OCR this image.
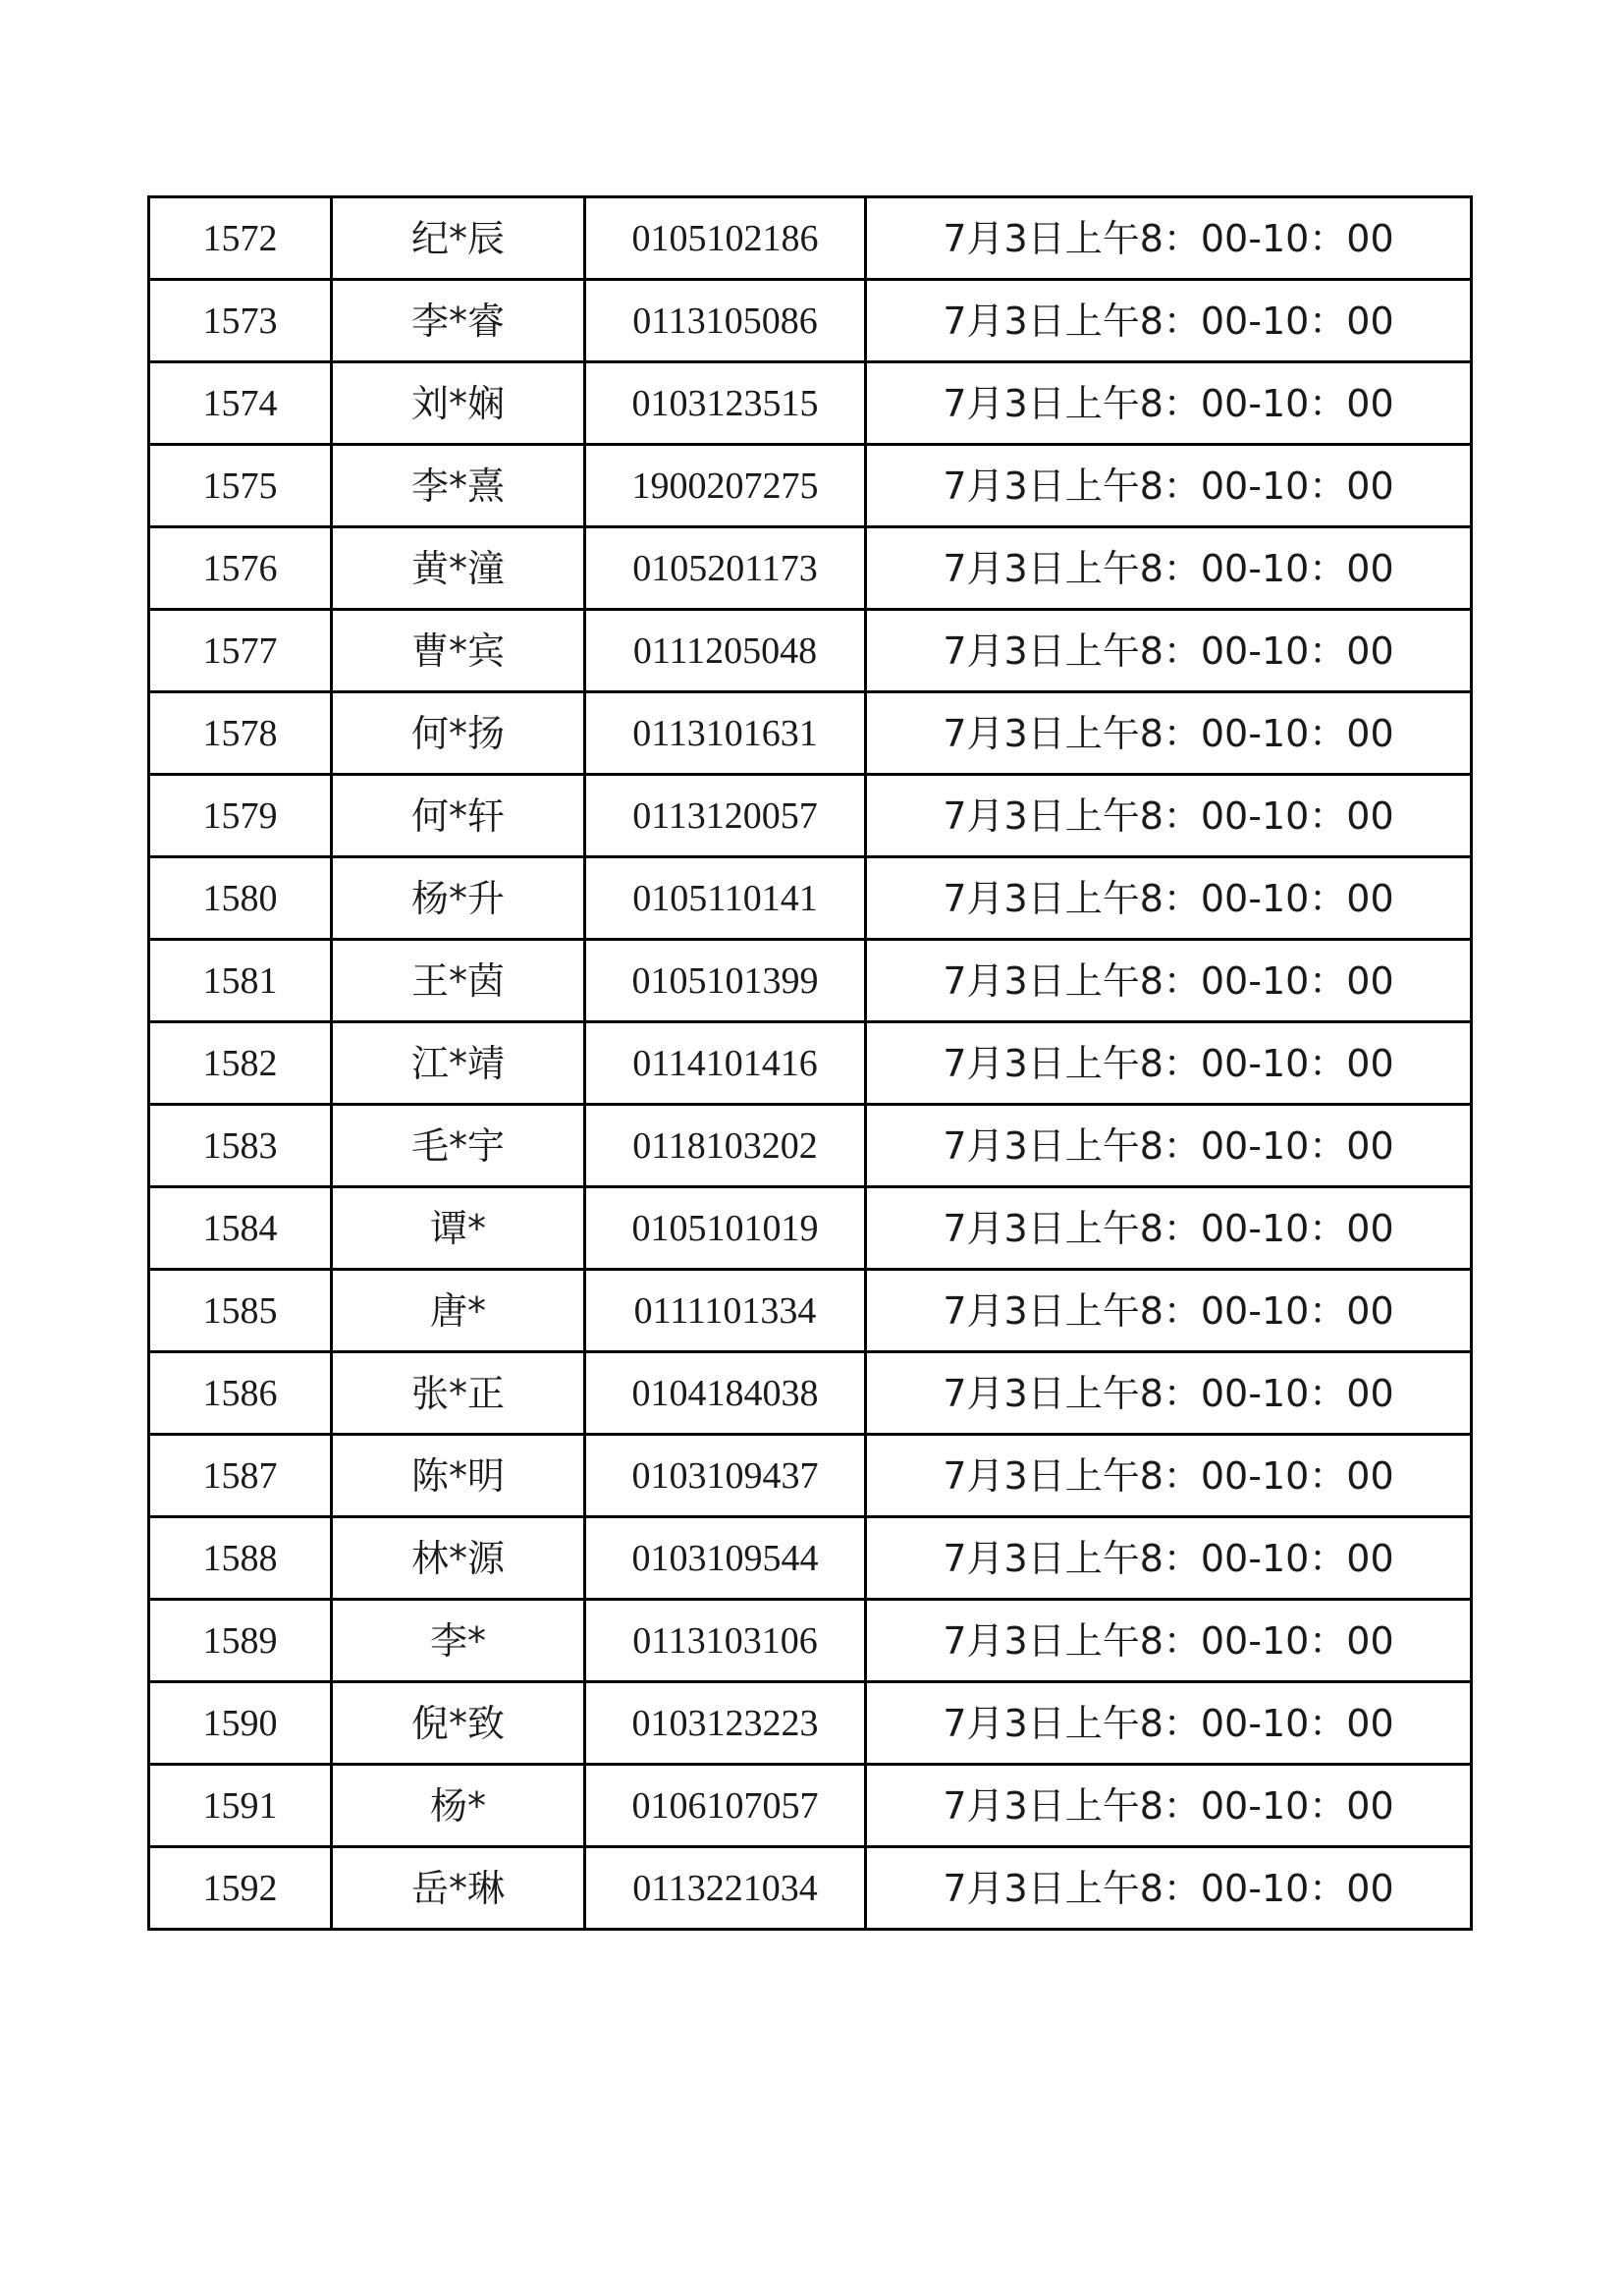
1572	纪*辰	0105102186	7月3日上午8：00-10：00
1573	李*睿	0113105086	7月3日上午8：00-10：00
1574	刘*娴	0103123515	7月3日上午8：00-10：00
1575	李*熹	1900207275	7月3日上午8：00-10：00
1576	黄*潼	0105201173	7月3日上午8：00-10：00
1577	曹*宾	0111205048	7月3日上午8：00-10：00
1578	何*扬	0113101631	7月3日上午8：00-10：00
1579	何*轩	0113120057	7月3日上午8：00-10：00
1580	杨*升	0105110141	7月3日上午8：00-10：00
1581	王*茵	0105101399	7月3日上午8：00-10：00
1582	江*靖	0114101416	7月3日上午8：00-10：00
1583	毛*宇	0118103202	7月3日上午8：00-10：00
1584	谭*	0105101019	7月3日上午8：00-10：00
1585	唐*	0111101334	7月3日上午8：00-10：00
1586	张*正	0104184038	7月3日上午8：00-10：00
1587	陈*明	0103109437	7月3日上午8：00-10：00
1588	林*源	0103109544	7月3日上午8：00-10：00
1589	李*	0113103106	7月3日上午8：00-10：00
1590	倪*致	0103123223	7月3日上午8：00-10：00
1591	杨*	0106107057	7月3日上午8：00-10：00
1592	岳*琳	0113221034	7月3日上午8：00-10：00
